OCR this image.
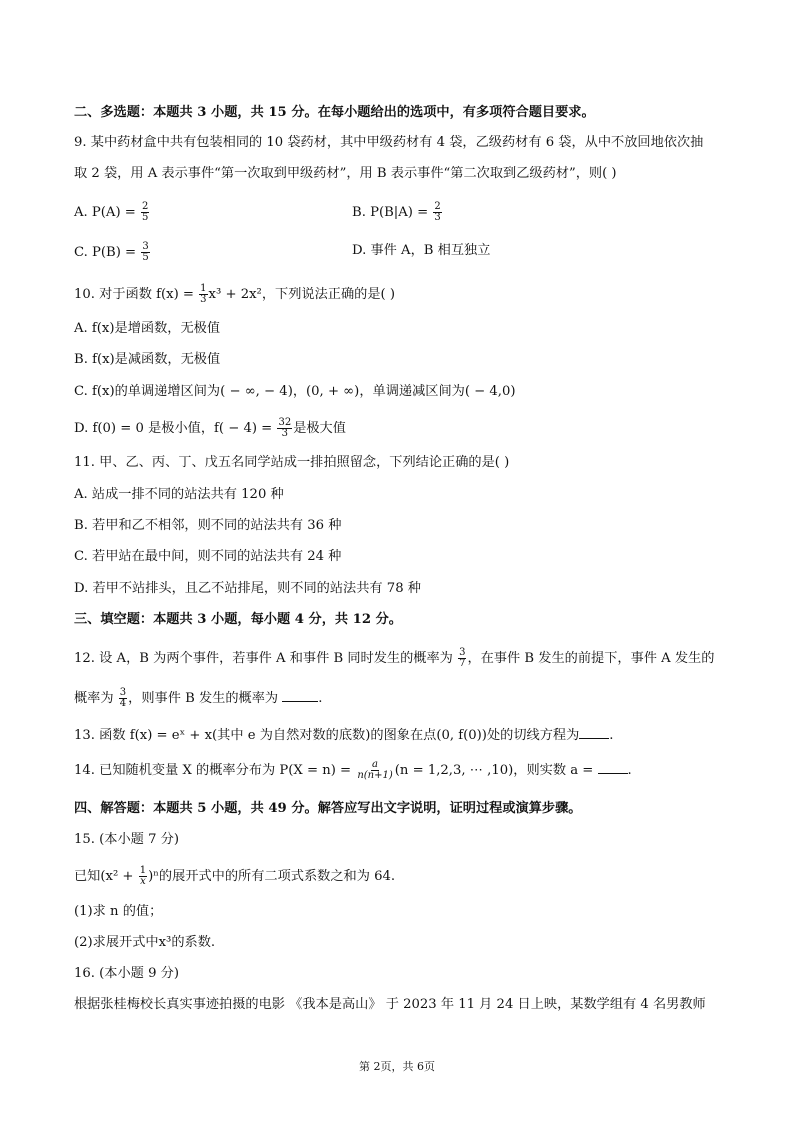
二、多选题：本题共 3 小题，共 15 分。在每小题给出的选项中，有多项符合题目要求。
9. 某中药材盒中共有包装相同的 10 袋药材，其中甲级药材有 4 袋，乙级药材有 6 袋，从中不放回地依次抽
取 2 袋，用 A 表示事件“第一次取到甲级药材”，用 B 表示事件“第二次取到乙级药材”，则( )
A. $P(A) = \frac{2}{5}$	B. $P(B|A) = \frac{2}{3}$
C. $P(B) = \frac{3}{5}$	D. 事件 A，B 相互独立
10. 对于函数 $f(x) = \frac{1}{3} x^3 + 2x^2$，下列说法正确的是( )
A. f(x)是增函数，无极值
B. f(x)是减函数，无极值
C. f(x)的单调递增区间为( − ∞, − 4)，(0, + ∞)，单调递减区间为( − 4,0)
D. f(0) = 0 是极小值，$f( - 4) = \frac{32}{3}$ 是极大值
11. 甲、乙、丙、丁、戊五名同学站成一排拍照留念，下列结论正确的是( )
A. 站成一排不同的站法共有 120 种
B. 若甲和乙不相邻，则不同的站法共有 36 种
C. 若甲站在最中间，则不同的站法共有 24 种
D. 若甲不站排头，且乙不站排尾，则不同的站法共有 78 种
三、填空题：本题共 3 小题，每小题 4 分，共 12 分。
12. 设 A，B 为两个事件，若事件 A 和事件 B 同时发生的概率为 $\frac{3}{7}$ ，在事件 B 发生的前提下，事件 A 发生的
概率为 $\frac{3}{4}$ ，则事件 B 发生的概率为	.
13. 函数 f(x) = eˣ + x(其中 e 为自然对数的底数)的图象在点(0, f(0))处的切线方程为 .
14. 已知随机变量 X 的概率分布为 $P(X = n) = \frac{a}{n(n+1)} (n = 1,2,3$, ⋯ ,10)，则实数 a =	.
四、解答题：本题共 5 小题，共 49 分。解答应写出文字说明，证明过程或演算步骤。
15. (本小题 7 分)
已知$(x^2 + \frac{1}{x} )^n$的展开式中的所有二项式系数之和为 64.
(1)求 n 的值；
(2)求展开式中x³的系数.
16. (本小题 9 分)
根据张桂梅校长真实事迹拍摄的电影 《我本是高山》 于 2023 年 11 月 24 日上映，某数学组有 4 名男教师
第 2页，共 6页
